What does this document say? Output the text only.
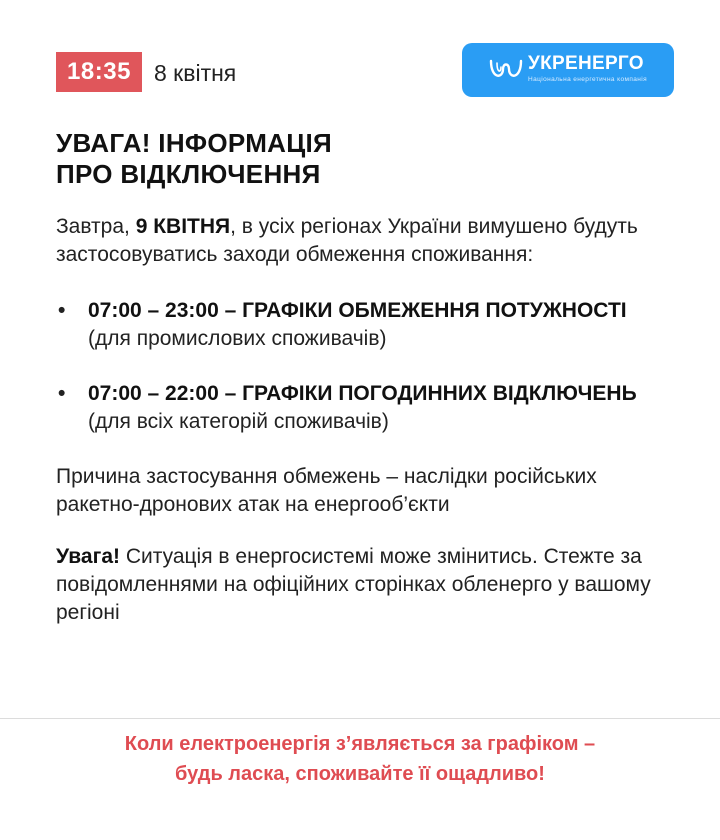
18:35	8 квітня	УКРЕНЕРГО
Національна енергетична компанія
УВАГА! ІНФОРМАЦІЯ
ПРО ВІДКЛЮЧЕННЯ

Завтра, 9 КВІТНЯ, в усіх регіонах України вимушено будуть застосовуватись заходи обмеження споживання:

• 07:00 – 23:00 – ГРАФІКИ ОБМЕЖЕННЯ ПОТУЖНОСТІ (для промислових споживачів)
• 07:00 – 22:00 – ГРАФІКИ ПОГОДИННИХ ВІДКЛЮЧЕНЬ (для всіх категорій споживачів)

Причина застосування обмежень – наслідки російських ракетно-дронових атак на енергооб’єкти

Увага! Ситуація в енергосистемі може змінитись. Стежте за повідомленнями на офіційних сторінках обленерго у вашому регіоні

Коли електроенергія з’являється за графіком –
будь ласка, споживайте її ощадливо!
